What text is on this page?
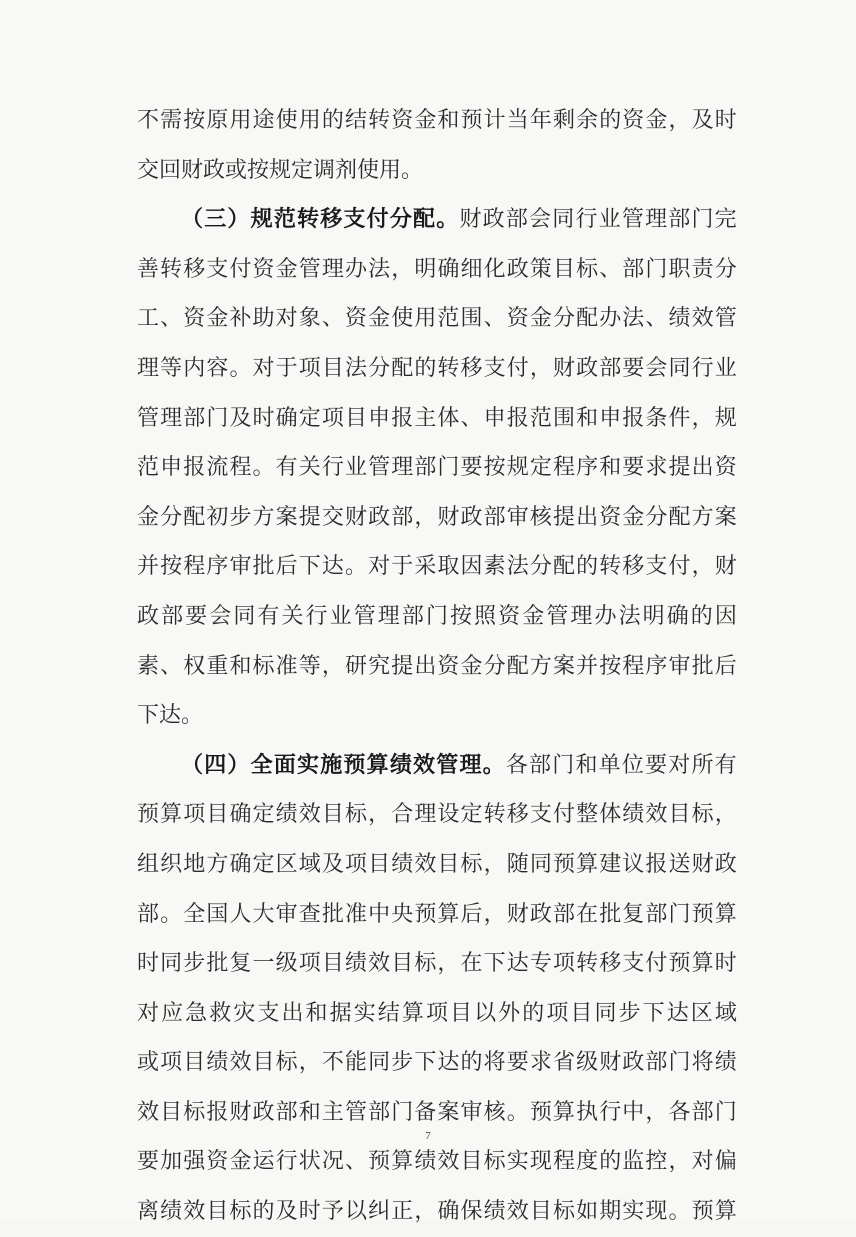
不 需 按 原 用 途 使 用 的 结 转 资 金 和 预 计 当 年 剩 余 的 资 金 ， 及 时
交回财政或按规定调剂使用。
（ 三 ） 规 范 转 移 支 付 分 配 。 财 政 部 会 同 行 业 管 理 部 门 完
善 转 移 支 付 资 金 管 理 办 法 ， 明 确 细 化 政 策 目 标 、 部 门 职 责 分
工 、 资 金 补 助 对 象 、 资 金 使 用 范 围 、 资 金 分 配 办 法 、 绩 效 管
理 等 内 容 。 对 于 项 目 法 分 配 的 转 移 支 付 ， 财 政 部 要 会 同 行 业
管 理 部 门 及 时 确 定 项 目 申 报 主 体 、 申 报 范 围 和 申 报 条 件 ， 规
范 申 报 流 程 。 有 关 行 业 管 理 部 门 要 按 规 定 程 序 和 要 求 提 出 资
金 分 配 初 步 方 案 提 交 财 政 部 ， 财 政 部 审 核 提 出 资 金 分 配 方 案
并 按 程 序 审 批 后 下 达 。 对 于 采 取 因 素 法 分 配 的 转 移 支 付 ， 财
政 部 要 会 同 有 关 行 业 管 理 部 门 按 照 资 金 管 理 办 法 明 确 的 因
素 、 权 重 和 标 准 等 ， 研 究 提 出 资 金 分 配 方 案 并 按 程 序 审 批 后
下达。
（ 四 ） 全 面 实 施 预 算 绩 效 管 理 。 各 部 门 和 单 位 要 对 所 有
预 算 项 目 确 定 绩 效 目 标 ， 合 理 设 定 转 移 支 付 整 体 绩 效 目 标 ，
组 织 地 方 确 定 区 域 及 项 目 绩 效 目 标 ， 随 同 预 算 建 议 报 送 财 政
部 。 全 国 人 大 审 查 批 准 中 央 预 算 后 ， 财 政 部 在 批 复 部 门 预 算
时 同 步 批 复 一 级 项 目 绩 效 目 标 ， 在 下 达 专 项 转 移 支 付 预 算 时
对 应 急 救 灾 支 出 和 据 实 结 算 项 目 以 外 的 项 目 同 步 下 达 区 域
或 项 目 绩 效 目 标 ， 不 能 同 步 下 达 的 将 要 求 省 级 财 政 部 门 将 绩
效 目 标 报 财 政 部 和 主 管 部 门 备 案 审 核 。 预 算 执 行 中 ， 各 部 门
要 加 强 资 金 运 行 状 况 、 预 算 绩 效 目 标 实 现 程 度 的 监 控 ， 对 偏
离 绩 效 目 标 的 及 时 予 以 纠 正 ， 确 保 绩 效 目 标 如 期 实 现 。 预 算
7
